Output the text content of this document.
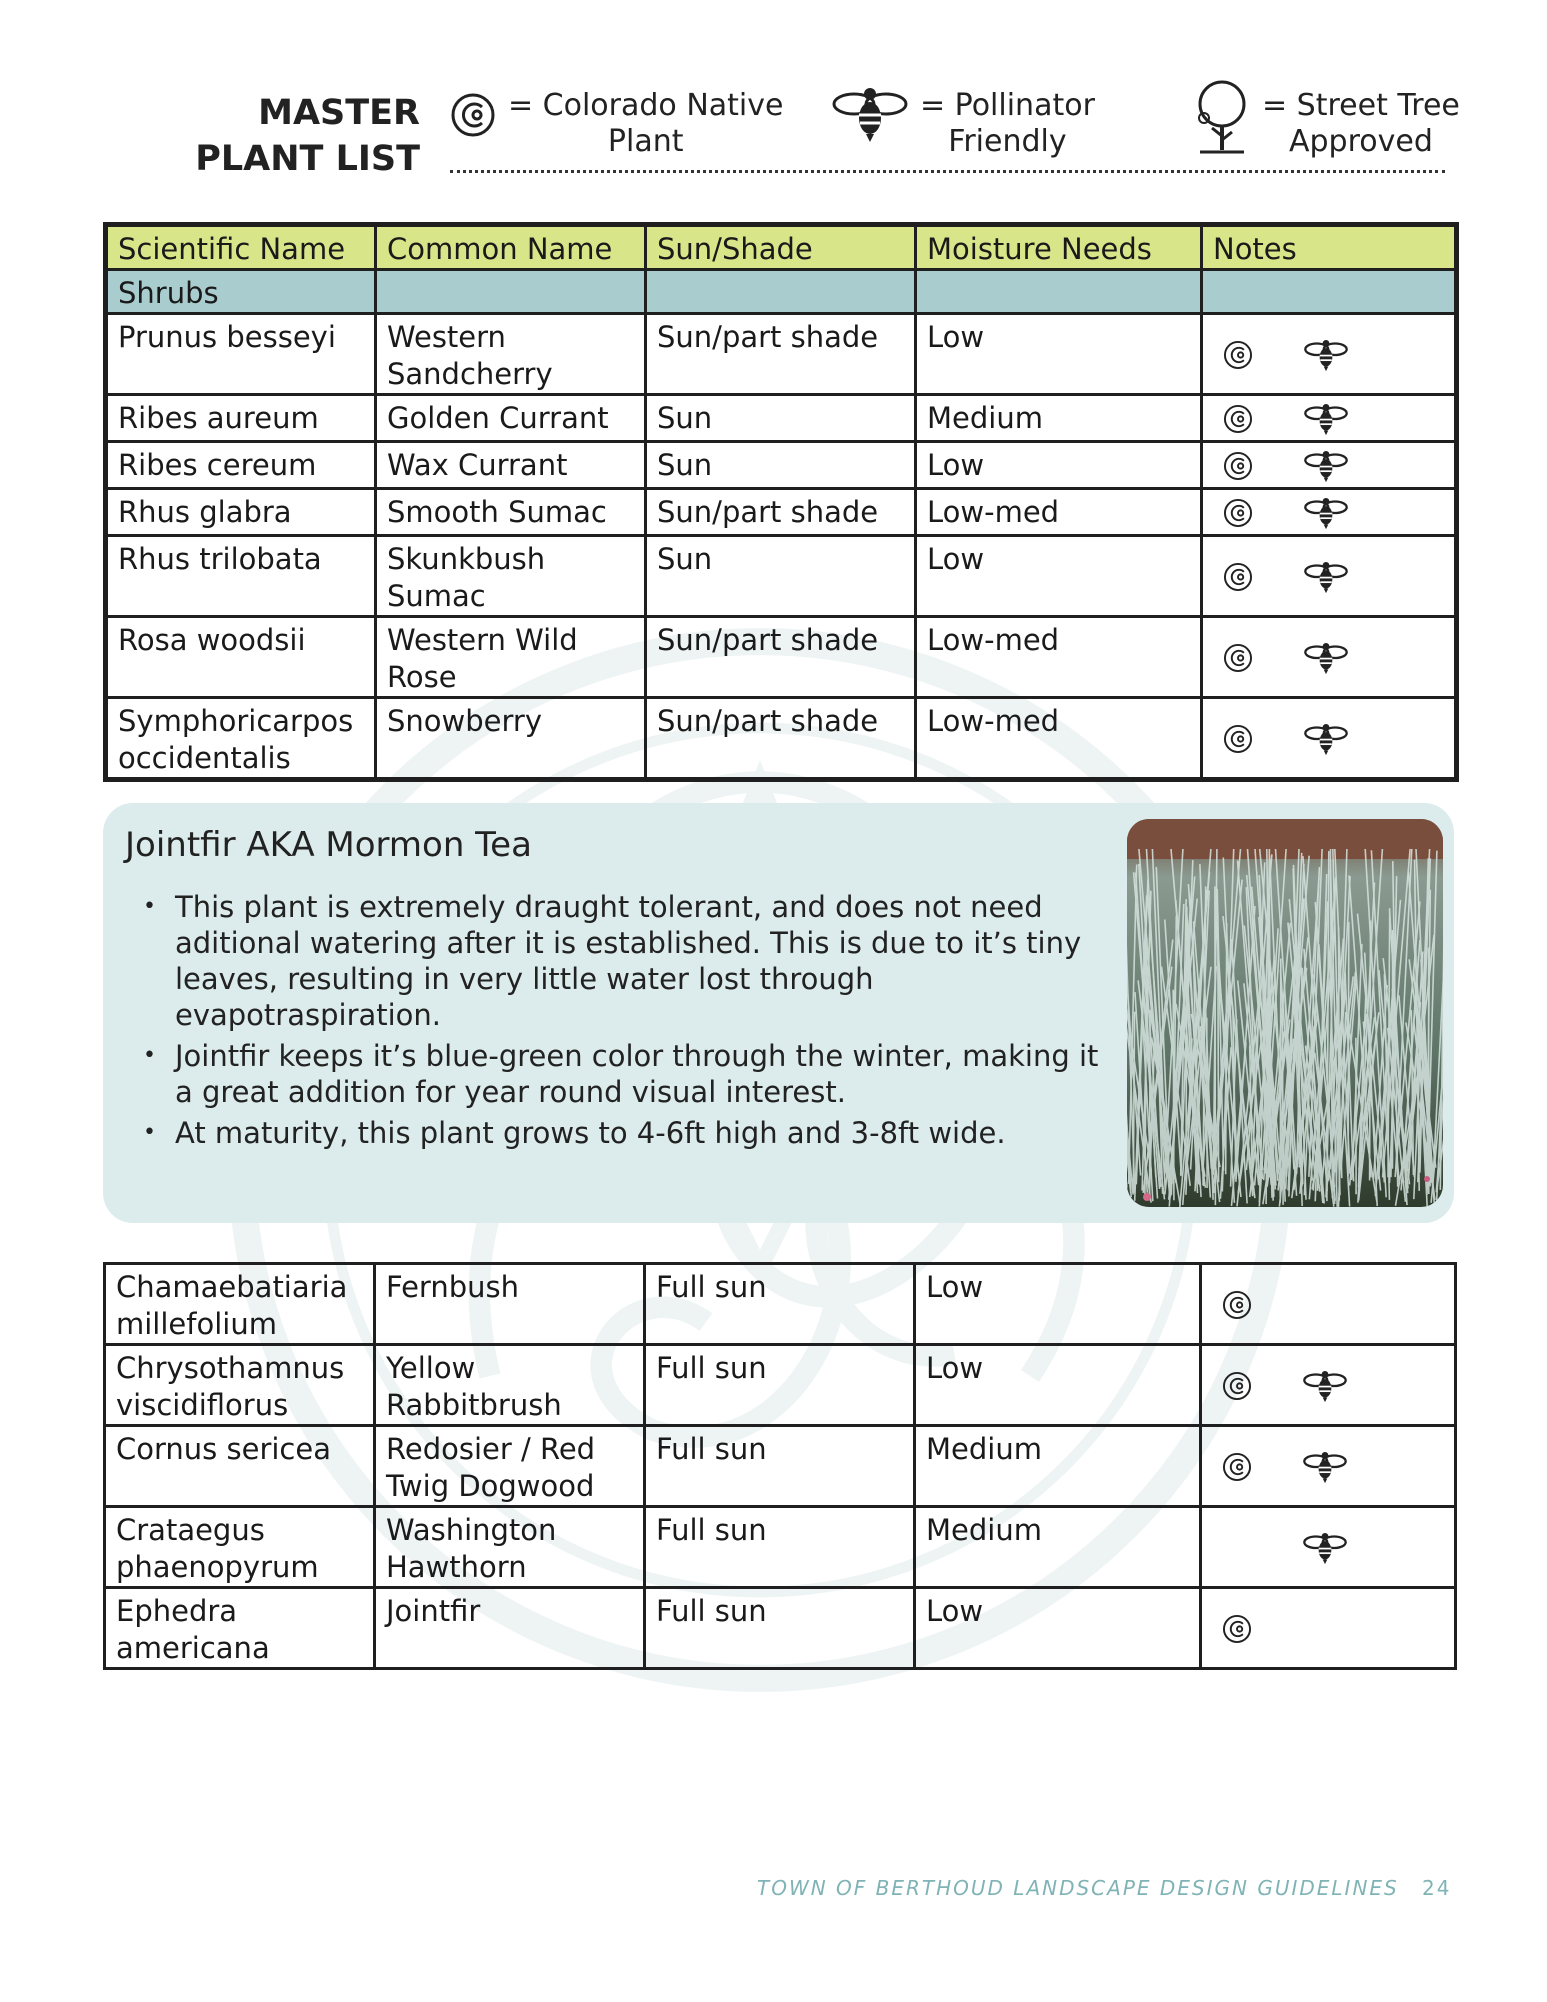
MASTER
PLANT LIST
= Colorado Native
Plant
= Pollinator
Friendly
= Street Tree
Approved
Scientific Name	Common Name	Sun/Shade	Moisture Needs	Notes
Shrubs				
Prunus besseyi	Western Sandcherry	Sun/part shade	Low	

Ribes aureum	Golden Currant	Sun	Medium	

Ribes cereum	Wax Currant	Sun	Low	

Rhus glabra	Smooth Sumac	Sun/part shade	Low-med	

Rhus trilobata	Skunkbush Sumac	Sun	Low	

Rosa woodsii	Western Wild Rose	Sun/part shade	Low-med	

Symphoricarpos occidentalis	Snowberry	Sun/part shade	Low-med	
Jointfir AKA Mormon Tea
• This plant is extremely draught tolerant, and does not need aditional watering after it is established. This is due to it’s tiny leaves, resulting in very little water lost through evapotraspiration.
• Jointfir keeps it’s blue-green color through the winter, making it a great addition for year round visual interest.
• At maturity, this plant grows to 4-6ft high and 3-8ft wide.
Chamaebatiaria millefolium	Fernbush	Full sun	Low	

Chrysothamnus viscidiflorus	Yellow Rabbitbrush	Full sun	Low	

Cornus sericea	Redosier / Red Twig Dogwood	Full sun	Medium	

Crataegus phaenopyrum	Washington Hawthorn	Full sun	Medium	

Ephedra americana	Jointfir	Full sun	Low	
TOWN OF BERTHOUD LANDSCAPE DESIGN GUIDELINES 24
